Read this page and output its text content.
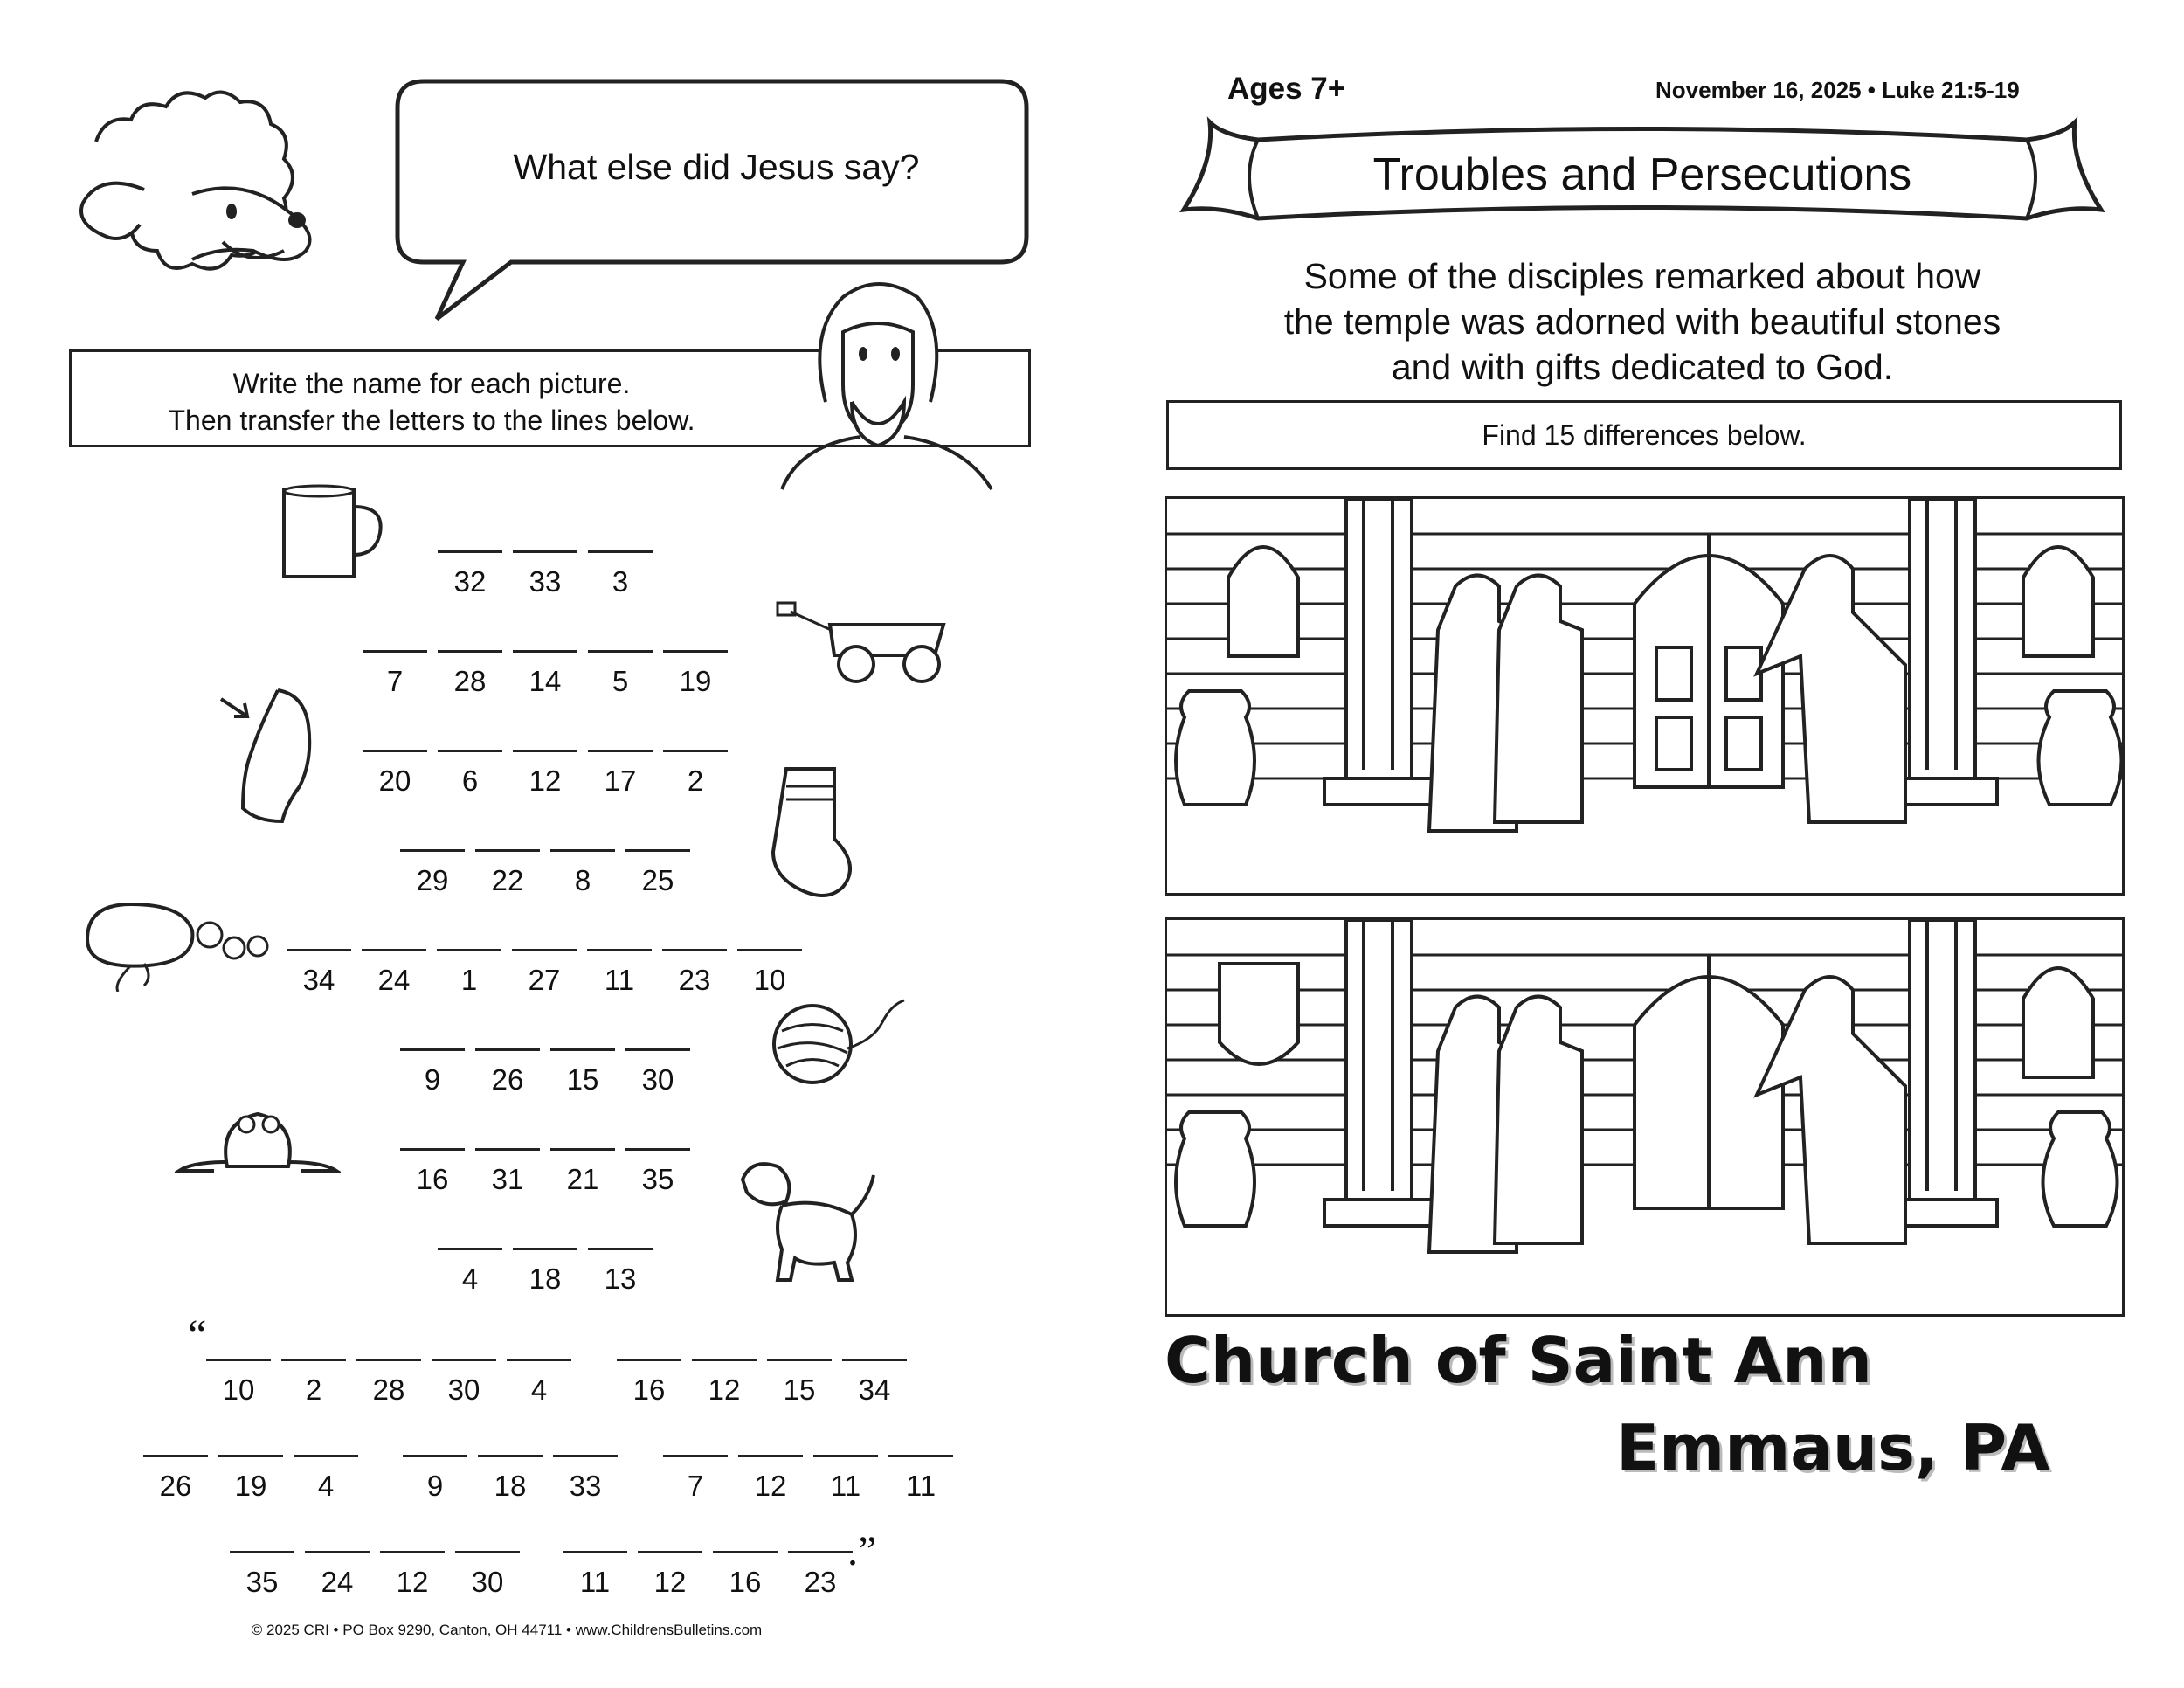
What else did Jesus say?
Write the name for each picture.
Then transfer the letters to the lines below.
32	33	3
7	28	14	5	19
20	6	12	17	2
29	22	8	25
34	24	1	27	11	23	10
9	26	15	30
16	31	21	35
4	18	13
10	2	28	30	4	16	12	15	34
26	19	4	9	18	33	7	12	11	11
35	24	12	30	11	12	16	23
“
.”
© 2025 CRI • PO Box 9290, Canton, OH 44711 • www.ChildrensBulletins.com
Ages 7+	November 16, 2025 • Luke 21:5-19
Troubles and Persecutions
Some of the disciples remarked about how
the temple was adorned with beautiful stones
and with gifts dedicated to God.
Find 15 differences below.
Church of Saint Ann
Emmaus, PA
